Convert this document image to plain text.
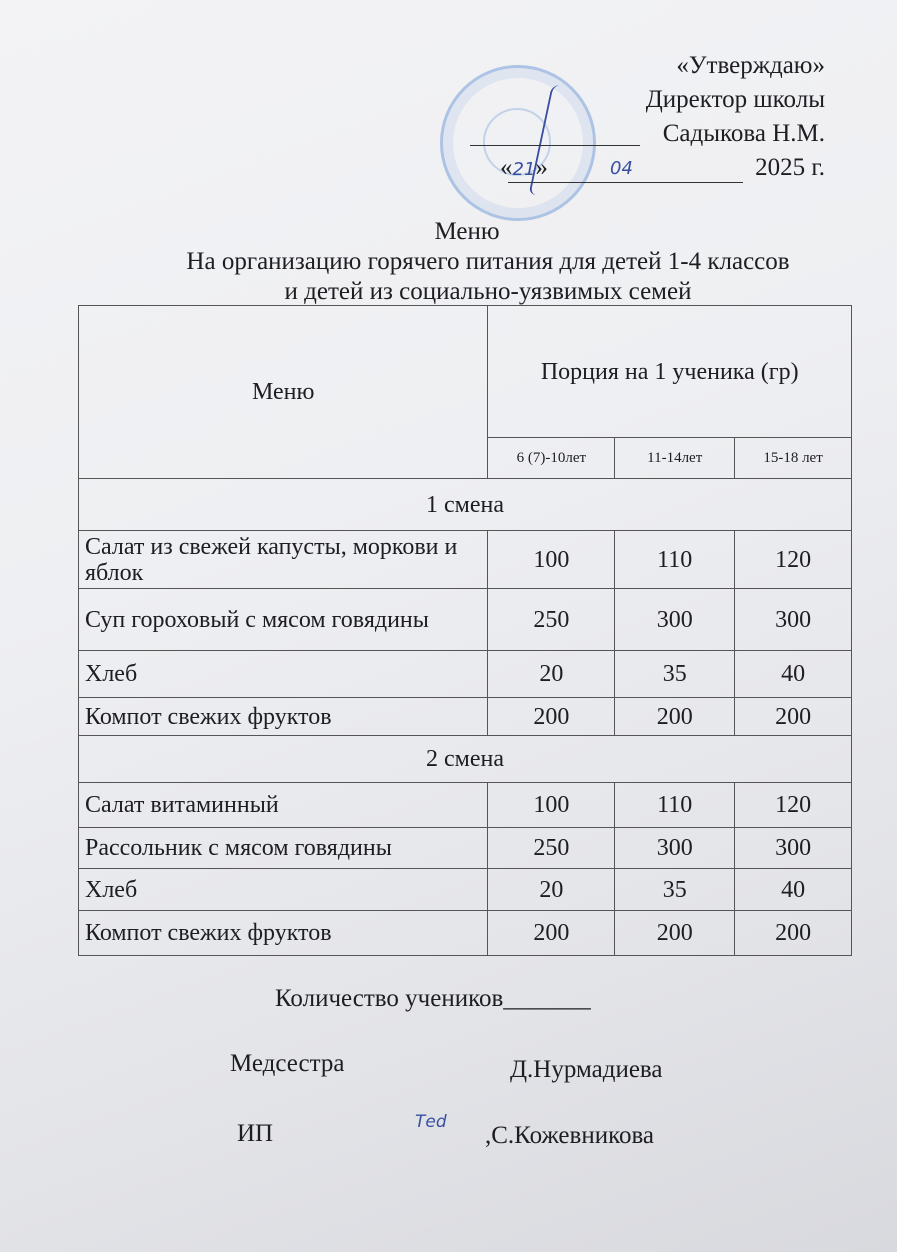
«Утверждаю»
Директор школы
Садыкова Н.М.
«21»	04	2025 г.
Меню
На организацию горячего питания для детей 1-4 классов
и детей из социально-уязвимых семей
Меню	Порция на 1 ученика (гр)		
	6 (7)-10лет	11-14лет	15-18 лет
1 смена			
Салат из свежей капусты, моркови и яблок	100	110	120
Суп гороховый с мясом говядины	250	300	300
Хлеб	20	35	40
Компот свежих фруктов	200	200	200
2 смена			
Салат витаминный	100	110	120
Рассольник с мясом говядины	250	300	300
Хлеб	20	35	40
Компот свежих фруктов	200	200	200
Количество учеников_______
Медсестра	Д.Нурмадиева
ИП	Tеd ,С.Кожевникова
